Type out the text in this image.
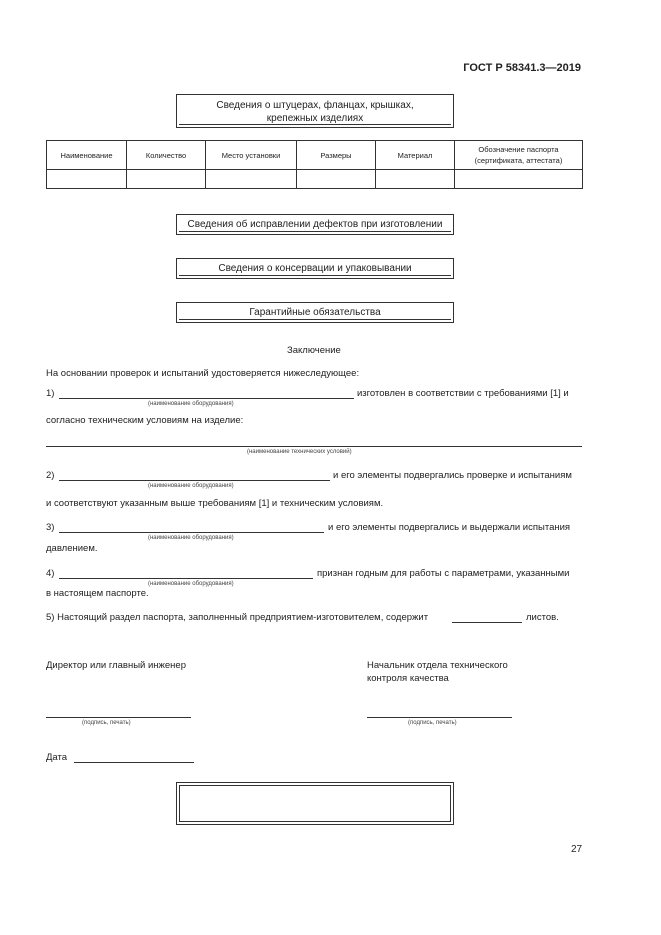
ГОСТ Р 58341.3—2019
Сведения о штуцерах, фланцах, крышках, крепежных изделиях
Наименование	Количество	Место установки	Размеры	Материал	Обозначение паспорта (сертификата, аттестата)

Сведения об исправлении дефектов при изготовлении
Сведения о консервации и упаковывании
Гарантийные обязательства
Заключение
На основании проверок и испытаний удостоверяется нижеследующее:
1)
(наименование оборудования)
изготовлен в соответствии с требованиями [1] и
согласно техническим условиям на изделие:
(наименование технических условий)
2)
(наименование оборудования)
и его элементы подвергались проверке и испытаниям
и соответствуют указанным выше требованиям [1] и техническим условиям.
3)
(наименование оборудования)
и его элементы подвергались и выдержали испытания
давлением.
4)
(наименование оборудования)
признан годным для работы с параметрами, указанными
в настоящем паспорте.
5) Настоящий раздел паспорта, заполненный предприятием-изготовителем, содержит	листов.
Директор или главный инженер	Начальник отдела технического
контроля качества
(подпись, печать)	(подпись, печать)
Дата
27
